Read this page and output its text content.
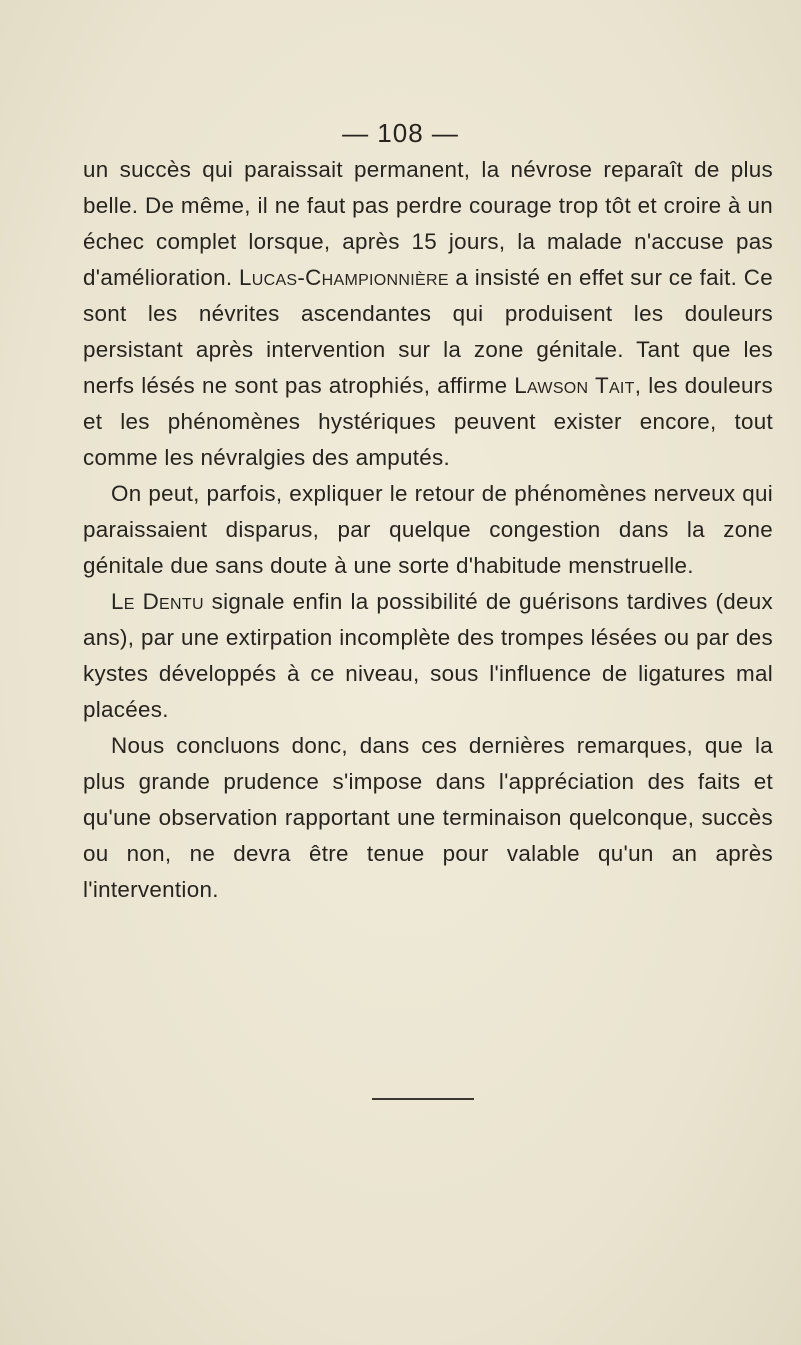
— 108 —

un succès qui paraissait permanent, la névrose reparaît de plus belle. De même, il ne faut pas perdre courage trop tôt et croire à un échec complet lorsque, après 15 jours, la malade n'accuse pas d'amélioration. Lucas-Championnière a insisté en effet sur ce fait. Ce sont les névrites ascendantes qui produisent les douleurs persistant après intervention sur la zone génitale. Tant que les nerfs lésés ne sont pas atrophiés, affirme Lawson Tait, les douleurs et les phénomènes hystériques peuvent exister encore, tout comme les névralgies des amputés.

On peut, parfois, expliquer le retour de phénomènes nerveux qui paraissaient disparus, par quelque congestion dans la zone génitale due sans doute à une sorte d'habitude menstruelle.

Le Dentu signale enfin la possibilité de guérisons tardives (deux ans), par une extirpation incomplète des trompes lésées ou par des kystes développés à ce niveau, sous l'influence de ligatures mal placées.

Nous concluons donc, dans ces dernières remarques, que la plus grande prudence s'impose dans l'appréciation des faits et qu'une observation rapportant une terminaison quelconque, succès ou non, ne devra être tenue pour valable qu'un an après l'intervention.
